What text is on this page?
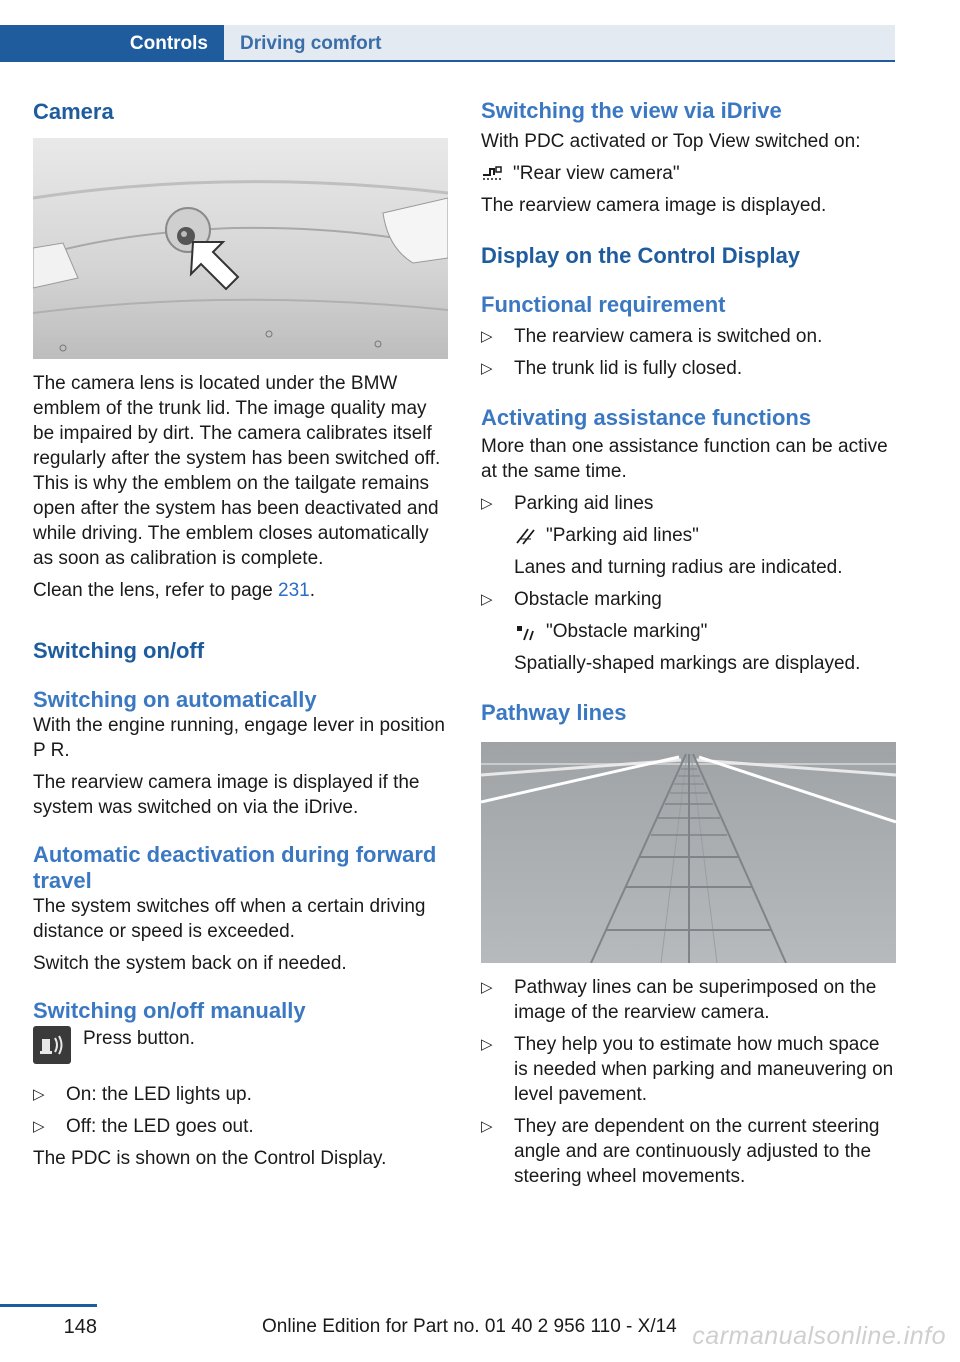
Controls	Driving comfort
Camera

The camera lens is located under the BMW emblem of the trunk lid. The image quality may be impaired by dirt. The camera calibrates itself regularly after the system has been switched off. This is why the emblem on the tailgate remains open after the system has been deactivated and while driving. The emblem closes automatically as soon as calibration is complete.

Clean the lens, refer to page 231.

Switching on/off
Switching on automatically

With the engine running, engage lever in position P R.

The rearview camera image is displayed if the system was switched on via the iDrive.

Automatic deactivation during forward travel

The system switches off when a certain driving distance or speed is exceeded.

Switch the system back on if needed.

Switching on/off manually
Press button.
▷ On: the LED lights up.
▷ Off: the LED goes out.

The PDC is shown on the Control Display.

Switching the view via iDrive

With PDC activated or Top View switched on:

"Rear view camera"

The rearview camera image is displayed.

Display on the Control Display
Functional requirement
▷ The rearview camera is switched on.
▷ The trunk lid is fully closed.
Activating assistance functions

More than one assistance function can be active at the same time.

▷ Parking aid lines
"Parking aid lines"
Lanes and turning radius are indicated.
▷ Obstacle marking
"Obstacle marking"
Spatially-shaped markings are displayed.
Pathway lines
▷ Pathway lines can be superimposed on the image of the rearview camera.
▷ They help you to estimate how much space is needed when parking and maneuvering on level pavement.
▷ They are dependent on the current steering angle and are continuously adjusted to the steering wheel movements.
148	Online Edition for Part no. 01 40 2 956 110 - X/14 carmanualsonline.info
